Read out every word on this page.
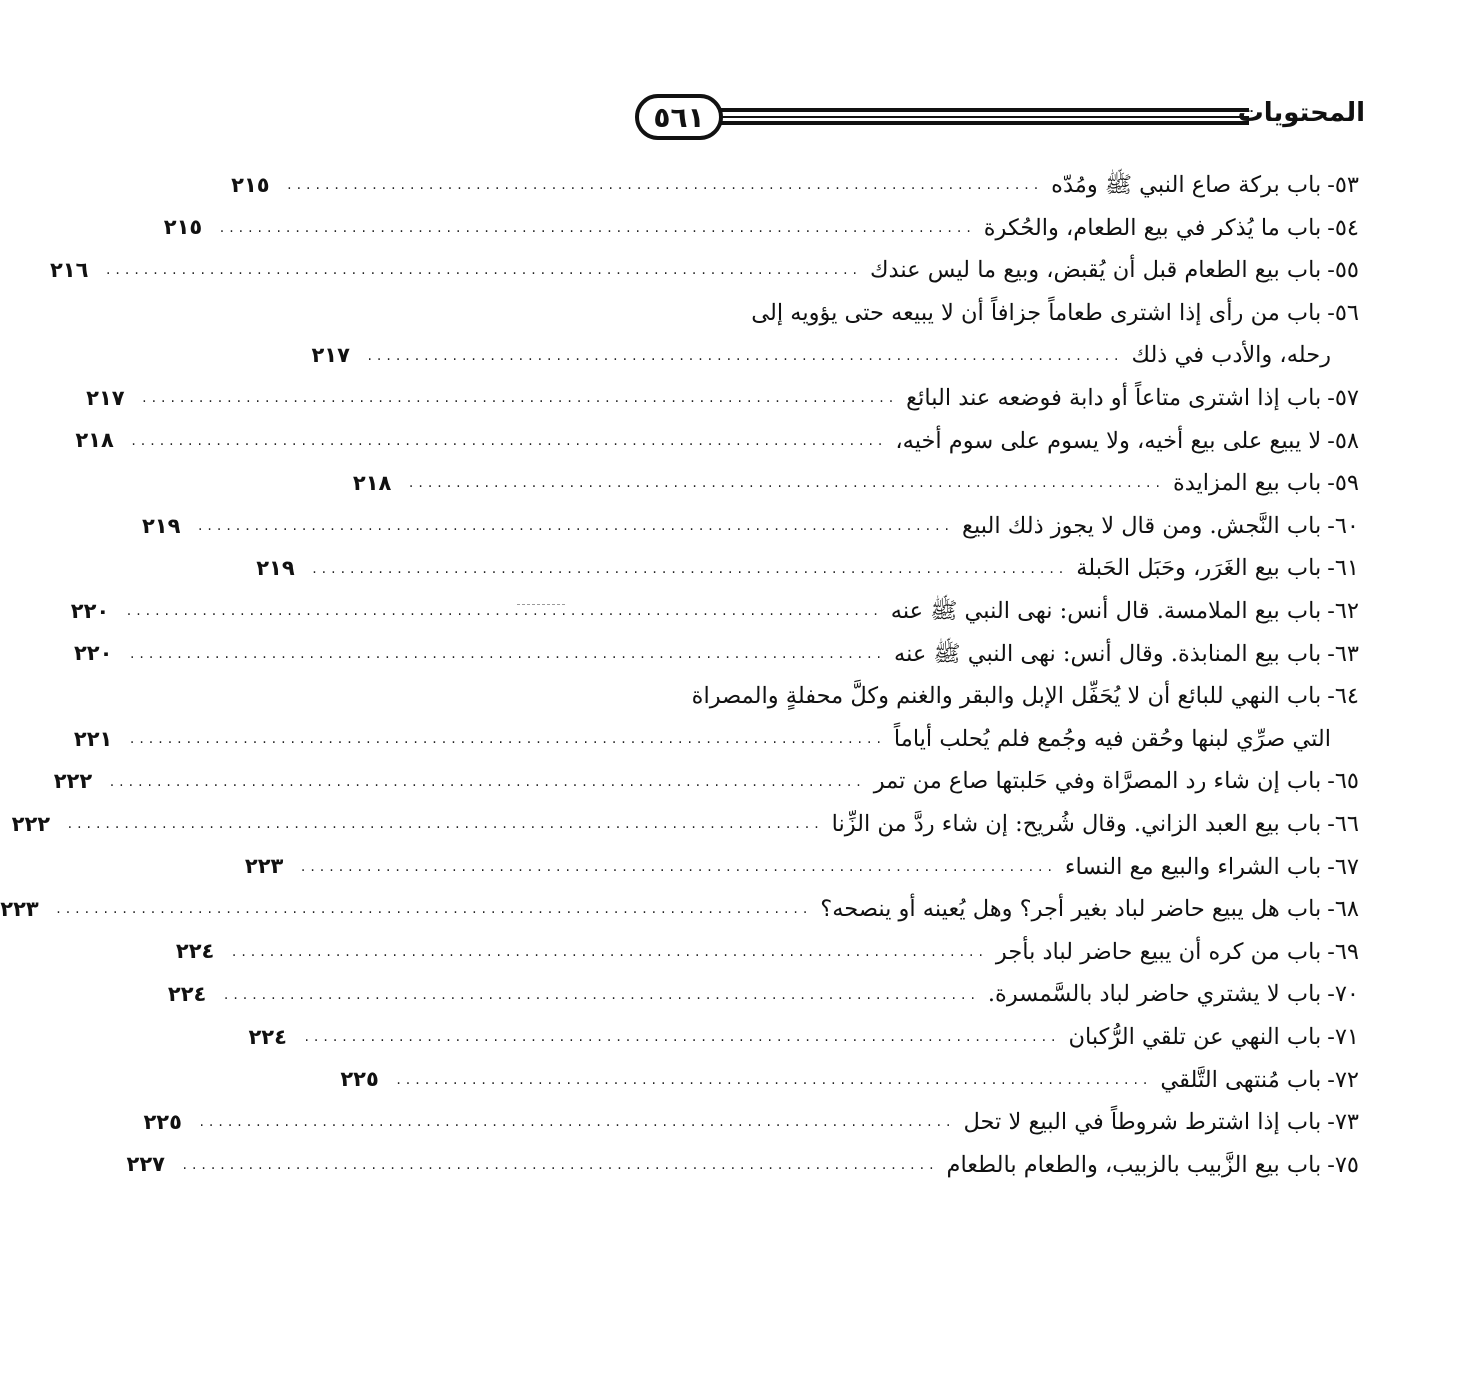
٥٦١	المحتويات
٥٣-
باب بركة صاع النبي ﷺ ومُدّه
................................................................................
٢١٥
٥٤-
باب ما يُذكر في بيع الطعام، والحُكرة
................................................................................
٢١٥
٥٥-
باب بيع الطعام قبل أن يُقبض، وبيع ما ليس عندك
................................................................................
٢١٦
٥٦-
باب من رأى إذا اشترى طعاماً جزافاً أن لا يبيعه حتى يؤويه إلى
رحله، والأدب في ذلك
................................................................................
٢١٧
٥٧-
باب إذا اشترى متاعاً أو دابة فوضعه عند البائع
................................................................................
٢١٧
٥٨-
لا يبيع على بيع أخيه، ولا يسوم على سوم أخيه،
................................................................................
٢١٨
٥٩-
باب بيع المزايدة
................................................................................
٢١٨
٦٠-
باب النَّجش. ومن قال لا يجوز ذلك البيع
................................................................................
٢١٩
٦١-
باب بيع الغَرَر، وحَبَل الحَبلة
................................................................................
٢١٩
٦٢-
باب بيع الملامسة. قال أنس: نهى النبي ﷺ عنه
................................................................................
٢٢٠
٦٣-
باب بيع المنابذة. وقال أنس: نهى النبي ﷺ عنه
................................................................................
٢٢٠
٦٤-
باب النهي للبائع أن لا يُحَفِّل الإبل والبقر والغنم وكلَّ محفلةٍ والمصراة
التي صرِّي لبنها وحُقن فيه وجُمع فلم يُحلب أياماً
................................................................................
٢٢١
٦٥-
باب إن شاء رد المصرَّاة وفي حَلبتها صاع من تمر
................................................................................
٢٢٢
٦٦-
باب بيع العبد الزاني. وقال شُريح: إن شاء ردَّ من الزِّنا
................................................................................
٢٢٢
٦٧-
باب الشراء والبيع مع النساء
................................................................................
٢٢٣
٦٨-
باب هل يبيع حاضر لباد بغير أجر؟ وهل يُعينه أو ينصحه؟
................................................................................
٢٢٣
٦٩-
باب من كره أن يبيع حاضر لباد بأجر
................................................................................
٢٢٤
٧٠-
باب لا يشتري حاضر لباد بالسَّمسرة.
................................................................................
٢٢٤
٧١-
باب النهي عن تلقي الرُّكبان
................................................................................
٢٢٤
٧٢-
باب مُنتهى التَّلقي
................................................................................
٢٢٥
٧٣-
باب إذا اشترط شروطاً في البيع لا تحل
................................................................................
٢٢٥
٧٥-
باب بيع الزَّبيب بالزبيب، والطعام بالطعام
................................................................................
٢٢٧
